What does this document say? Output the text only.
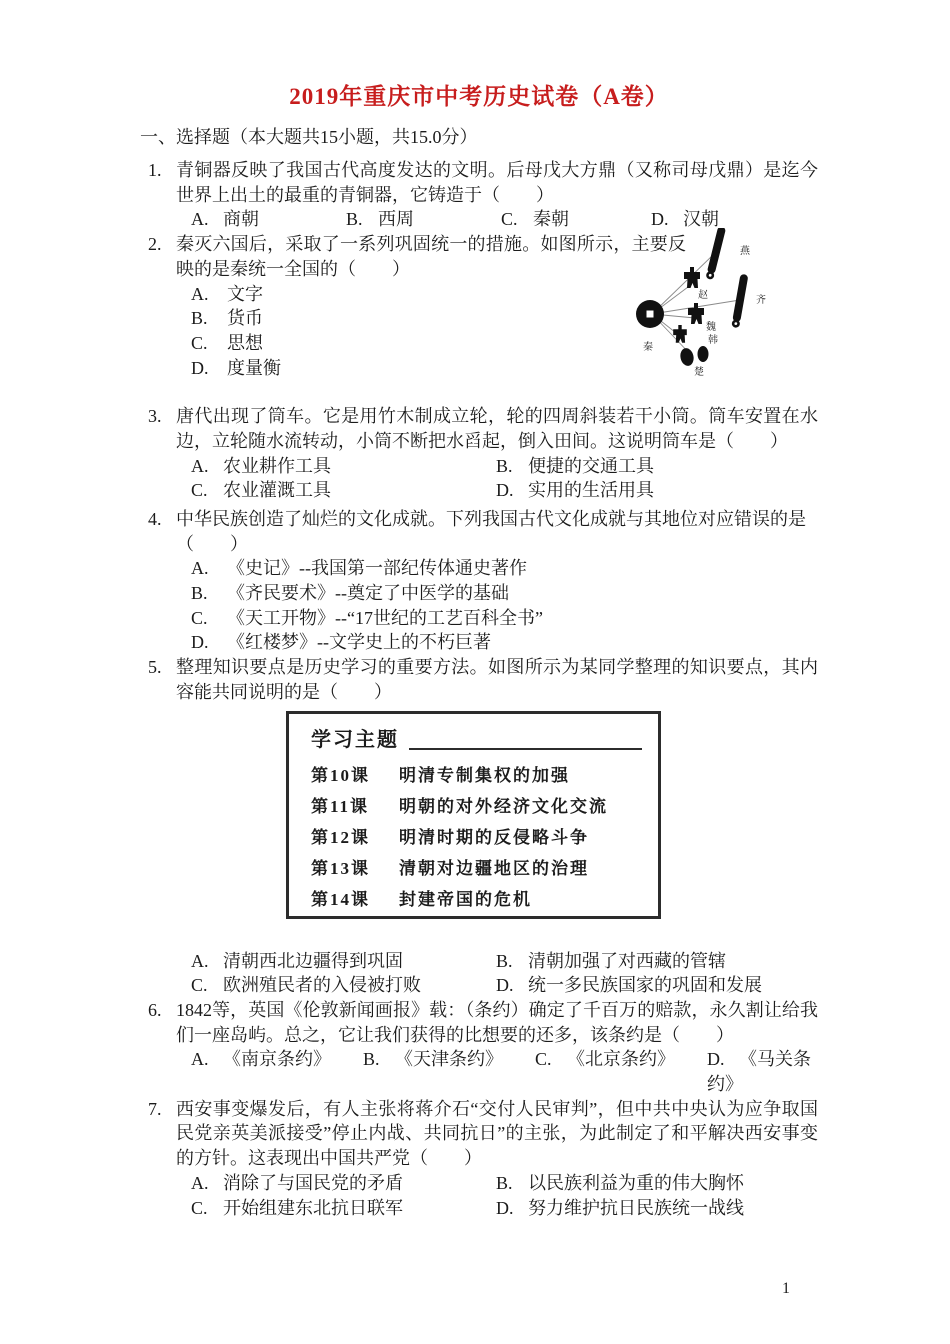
2019年重庆市中考历史试卷（A卷）
一、选择题（本大题共15小题，共15.0分）
1. 青铜器反映了我国古代高度发达的文明。后母戊大方鼎（又称司母戊鼎）是迄今世界上出土的最重的青铜器，它铸造于（　　）
A. 商朝	B. 西周	C. 秦朝	D. 汉朝
2. 秦灭六国后，采取了一系列巩固统一的措施。如图所示，主要反映的是秦统一全国的（　　）
A. 文字
B. 货币
C. 思想
D. 度量衡
燕
赵	齐
秦
魏
韩
楚
3. 唐代出现了筒车。它是用竹木制成立轮，轮的四周斜装若干小筒。筒车安置在水边，立轮随水流转动，小筒不断把水舀起，倒入田间。这说明筒车是（　　）
A. 农业耕作工具	B. 便捷的交通工具
C. 农业灌溉工具	D. 实用的生活用具
4. 中华民族创造了灿烂的文化成就。下列我国古代文化成就与其地位对应错误的是
（　　）
A. 《史记》--我国第一部纪传体通史著作
B. 《齐民要术》--奠定了中医学的基础
C. 《天工开物》--“17世纪的工艺百科全书”
D. 《红楼梦》--文学史上的不朽巨著
5. 整理知识要点是历史学习的重要方法。如图所示为某同学整理的知识要点，其内容能共同说明的是（　　）
学习主题
第10课	明清专制集权的加强
第11课	明朝的对外经济文化交流
第12课	明清时期的反侵略斗争
第13课	清朝对边疆地区的治理
第14课	封建帝国的危机
A. 清朝西北边疆得到巩固	B. 清朝加强了对西藏的管辖
C. 欧洲殖民者的入侵被打败	D. 统一多民族国家的巩固和发展
6. 1842等，英国《伦敦新闻画报》载：（条约）确定了千百万的赔款，永久割让给我们一座岛屿。总之，它让我们获得的比想要的还多，该条约是（　　）
A. 《南京条约》	B. 《天津条约》	C. 《北京条约》	D. 《马关条约》
7. 西安事变爆发后，有人主张将蒋介石“交付人民审判”，但中共中央认为应争取国民党亲英美派接受”停止内战、共同抗日”的主张，为此制定了和平解决西安事变的方针。这表现出中国共严党（　　）
A. 消除了与国民党的矛盾	B. 以民族利益为重的伟大胸怀
C. 开始组建东北抗日联军	D. 努力维护抗日民族统一战线
1
